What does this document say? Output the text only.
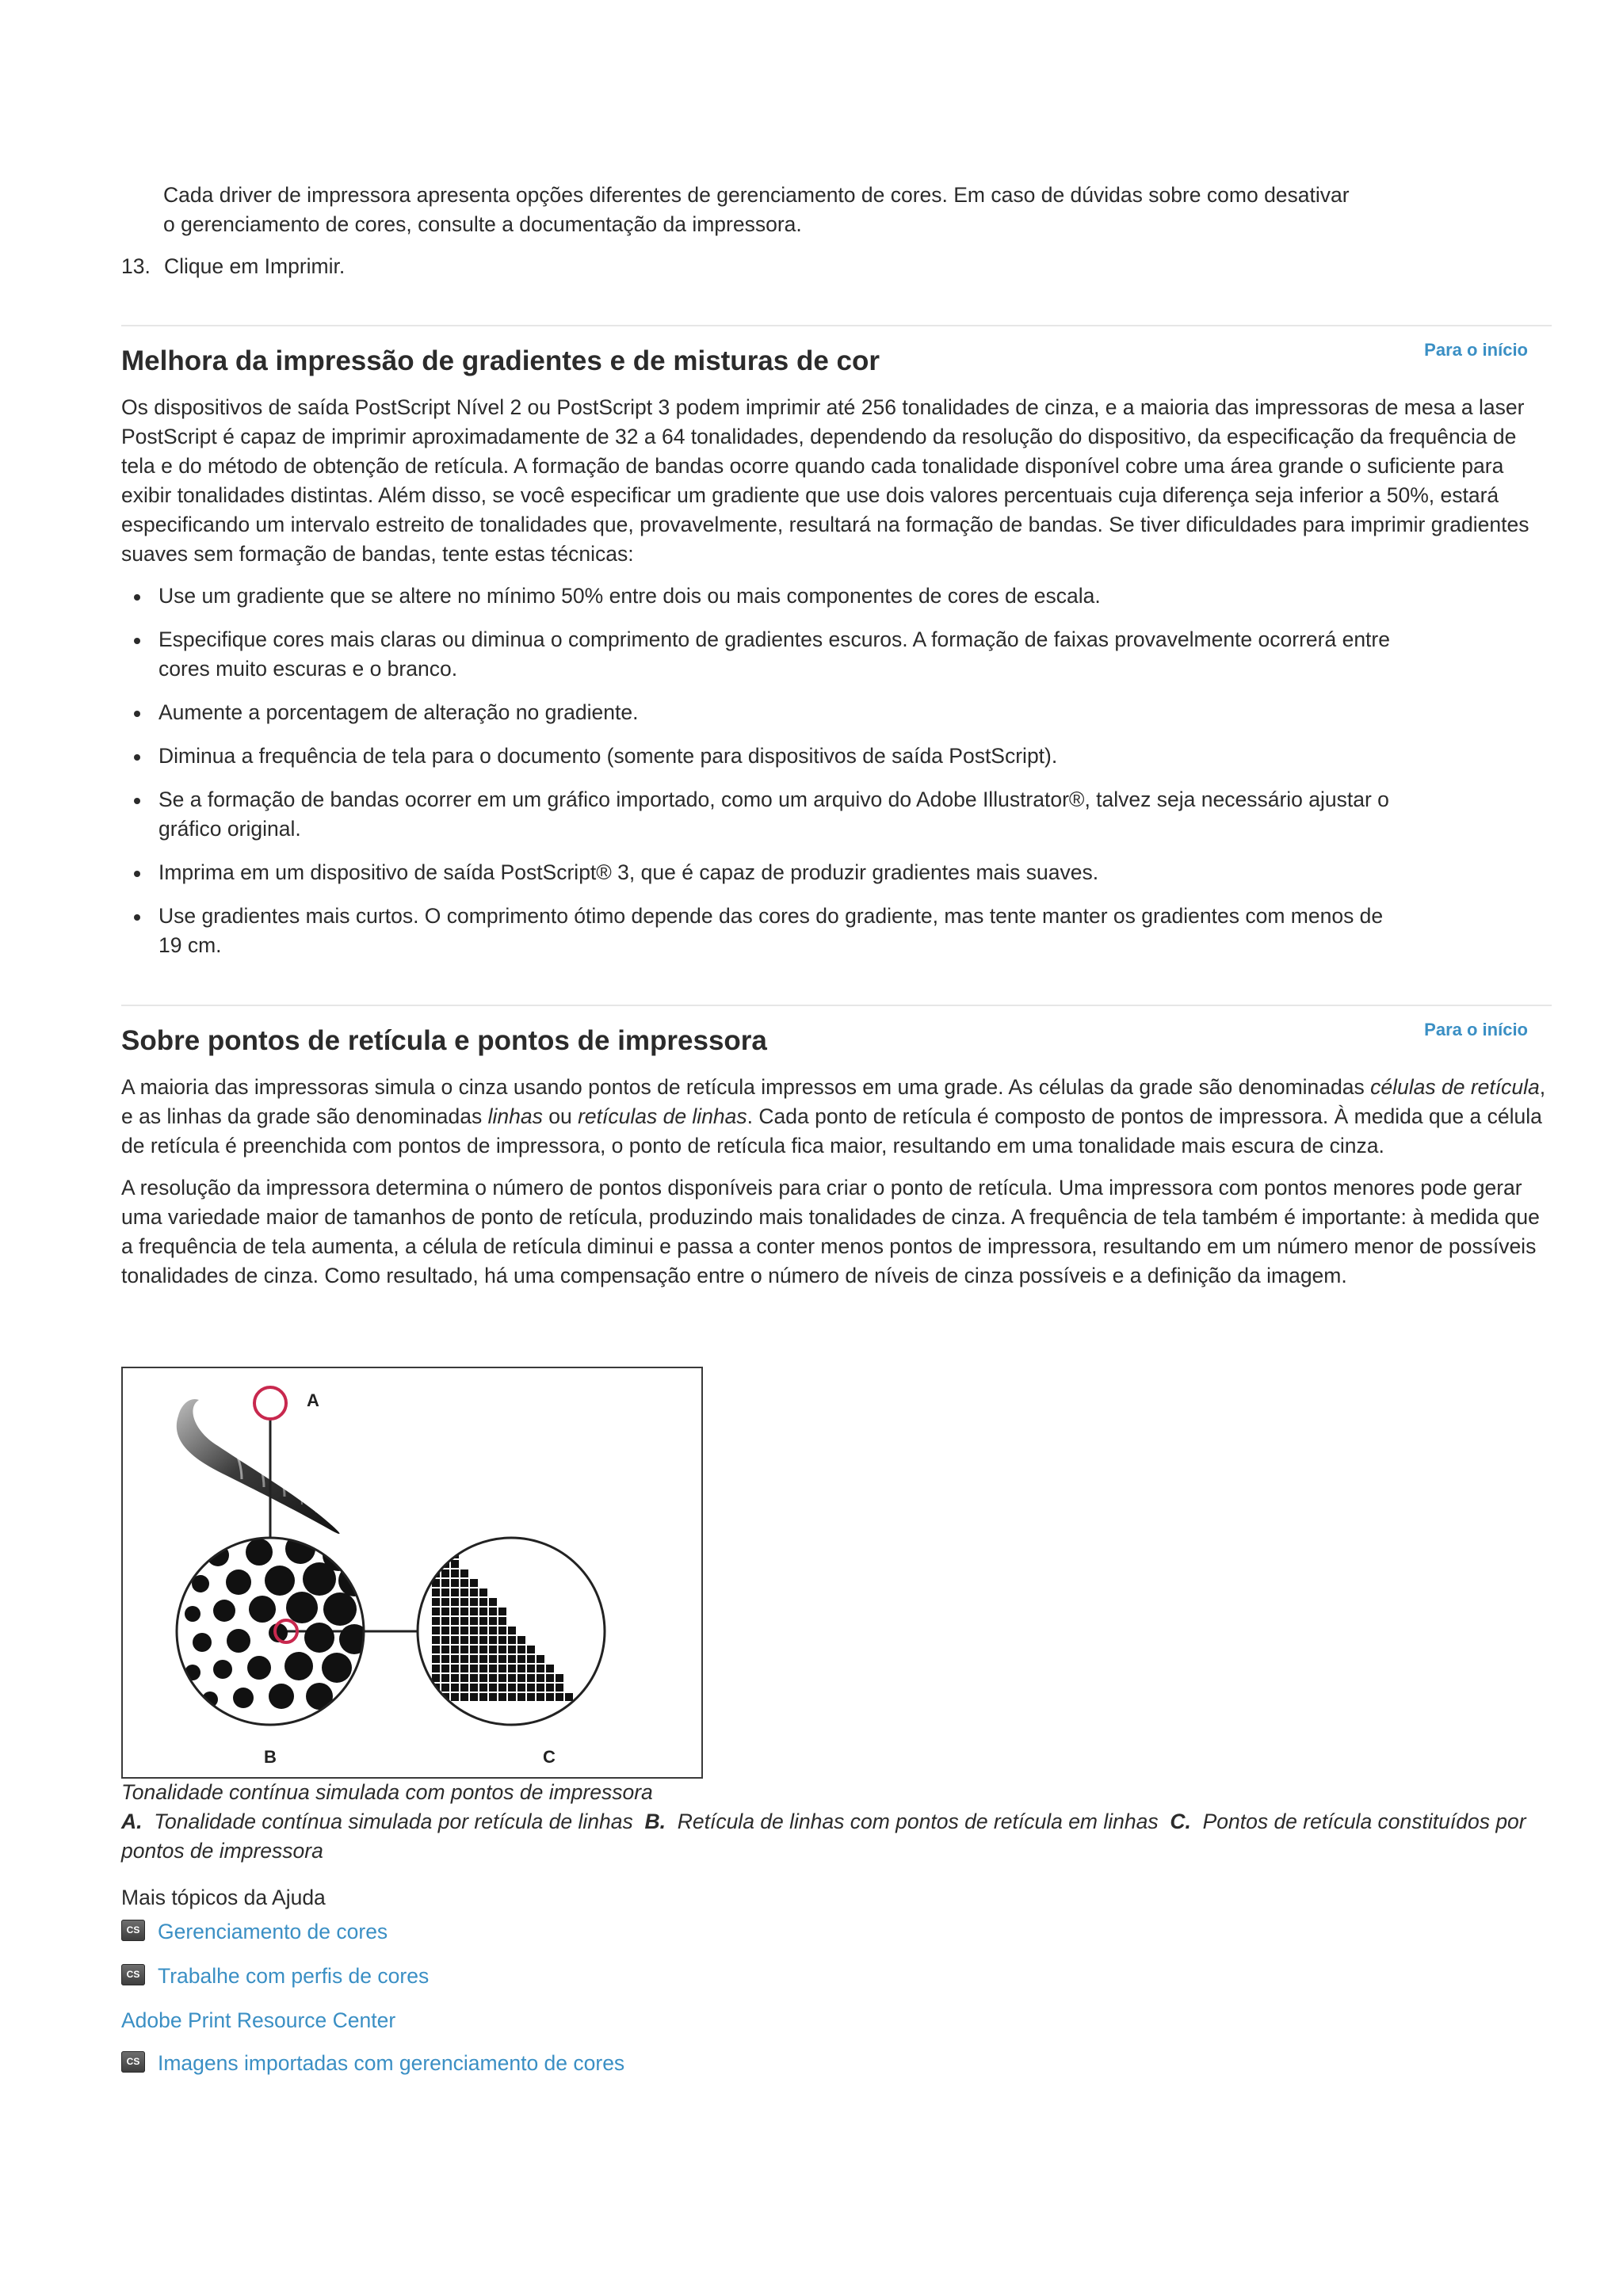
Cada driver de impressora apresenta opções diferentes de gerenciamento de cores. Em caso de dúvidas sobre como desativar o gerenciamento de cores, consulte a documentação da impressora.

13. Clique em Imprimir.
Para o início
Melhora da impressão de gradientes e de misturas de cor

Os dispositivos de saída PostScript Nível 2 ou PostScript 3 podem imprimir até 256 tonalidades de cinza, e a maioria das impressoras de mesa a laser PostScript é capaz de imprimir aproximadamente de 32 a 64 tonalidades, dependendo da resolução do dispositivo, da especificação da frequência de tela e do método de obtenção de retícula. A formação de bandas ocorre quando cada tonalidade disponível cobre uma área grande o suficiente para exibir tonalidades distintas. Além disso, se você especificar um gradiente que use dois valores percentuais cuja diferença seja inferior a 50%, estará especificando um intervalo estreito de tonalidades que, provavelmente, resultará na formação de bandas. Se tiver dificuldades para imprimir gradientes suaves sem formação de bandas, tente estas técnicas:

Use um gradiente que se altere no mínimo 50% entre dois ou mais componentes de cores de escala.
Especifique cores mais claras ou diminua o comprimento de gradientes escuros. A formação de faixas provavelmente ocorrerá entre cores muito escuras e o branco.
Aumente a porcentagem de alteração no gradiente.
Diminua a frequência de tela para o documento (somente para dispositivos de saída PostScript).
Se a formação de bandas ocorrer em um gráfico importado, como um arquivo do Adobe Illustrator®, talvez seja necessário ajustar o gráfico original.
Imprima em um dispositivo de saída PostScript® 3, que é capaz de produzir gradientes mais suaves.
Use gradientes mais curtos. O comprimento ótimo depende das cores do gradiente, mas tente manter os gradientes com menos de 19 cm.
Para o início
Sobre pontos de retícula e pontos de impressora

A maioria das impressoras simula o cinza usando pontos de retícula impressos em uma grade. As células da grade são denominadas células de retícula, e as linhas da grade são denominadas linhas ou retículas de linhas. Cada ponto de retícula é composto de pontos de impressora. À medida que a célula de retícula é preenchida com pontos de impressora, o ponto de retícula fica maior, resultando em uma tonalidade mais escura de cinza.

A resolução da impressora determina o número de pontos disponíveis para criar o ponto de retícula. Uma impressora com pontos menores pode gerar uma variedade maior de tamanhos de ponto de retícula, produzindo mais tonalidades de cinza. A frequência de tela também é importante: à medida que a frequência de tela aumenta, a célula de retícula diminui e passa a conter menos pontos de impressora, resultando em um número menor de possíveis tonalidades de cinza. Como resultado, há uma compensação entre o número de níveis de cinza possíveis e a definição da imagem.

A
B	C

Tonalidade contínua simulada com pontos de impressora

A. Tonalidade contínua simulada por retícula de linhas B. Retícula de linhas com pontos de retícula em linhas C. Pontos de retícula constituídos por pontos de impressora

Mais tópicos da Ajuda

CS Gerenciamento de cores
CS Trabalhe com perfis de cores
Adobe Print Resource Center
CS Imagens importadas com gerenciamento de cores
